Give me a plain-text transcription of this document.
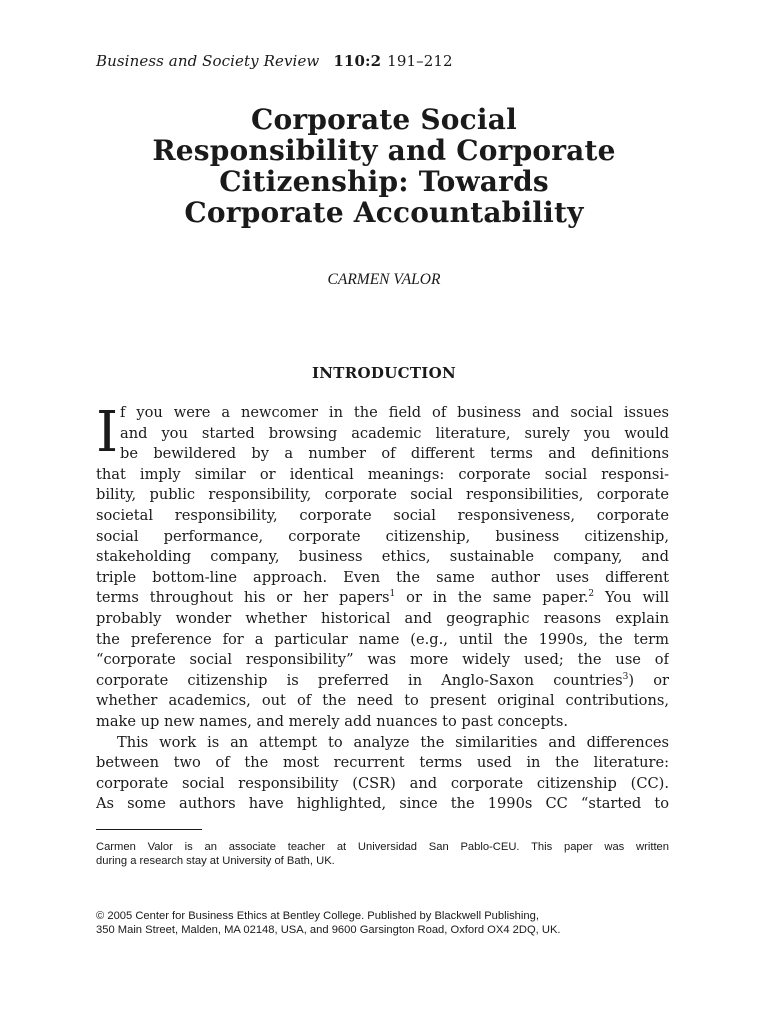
Business and Society Review 110:2 191–212
Corporate Social
Responsibility and Corporate
Citizenship: Towards
Corporate Accountability
CARMEN VALOR
INTRODUCTION
I f you were a newcomer in the field of business and social issues
and you started browsing academic literature, surely you would
be bewildered by a number of different terms and definitions
that imply similar or identical meanings: corporate social responsi-
bility, public responsibility, corporate social responsibilities, corporate
societal responsibility, corporate social responsiveness, corporate
social performance, corporate citizenship, business citizenship,
stakeholding company, business ethics, sustainable company, and
triple bottom-line approach. Even the same author uses different
terms throughout his or her papers$^1$ or in the same paper.$^2$ You will
probably wonder whether historical and geographic reasons explain
the preference for a particular name (e.g., until the 1990s, the term
“corporate social responsibility” was more widely used; the use of
corporate citizenship is preferred in Anglo-Saxon countries$^3$) or
whether academics, out of the need to present original contributions,
make up new names, and merely add nuances to past concepts.

This work is an attempt to analyze the similarities and differences
between two of the most recurrent terms used in the literature:
corporate social responsibility (CSR) and corporate citizenship (CC).
As some authors have highlighted, since the 1990s CC “started to

Carmen Valor is an associate teacher at Universidad San Pablo-CEU. This paper was written
during a research stay at University of Bath, UK.
© 2005 Center for Business Ethics at Bentley College. Published by Blackwell Publishing,
350 Main Street, Malden, MA 02148, USA, and 9600 Garsington Road, Oxford OX4 2DQ, UK.
